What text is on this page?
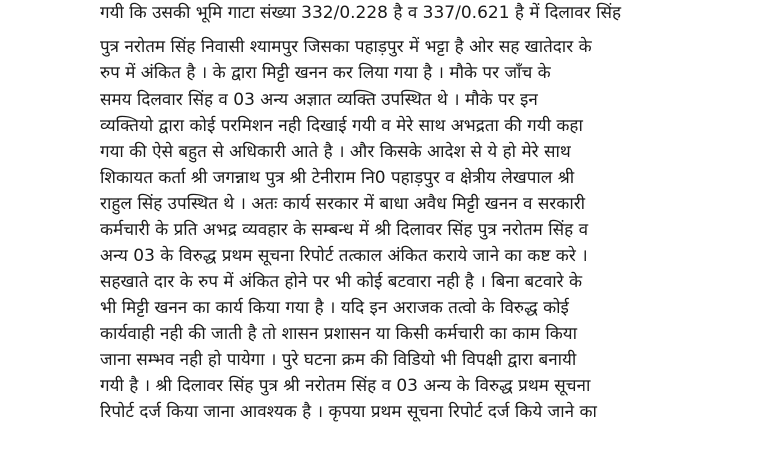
गयी कि उसकी भूमि गाटा संख्या 332/0.228 है व 337/0.621 है में दिलावर सिंह
पुत्र नरोतम सिंह निवासी श्यामपुर जिसका पहाड़पुर में भट्टा है ओर सह खातेदार के
रुप में अंकित है । के द्वारा मिट्टी खनन कर लिया गया है । मौके पर जाँच के
समय दिलवार सिंह व 03 अन्य अज्ञात व्यक्ति उपस्थित थे । मौके पर इन
व्यक्तियो द्वारा कोई परमिशन नही दिखाई गयी व मेरे साथ अभद्रता की गयी कहा
गया की ऐसे बहुत से अधिकारी आते है । और किसके आदेश से ये हो मेरे साथ
शिकायत कर्ता श्री जगन्नाथ पुत्र श्री टेनीराम नि0 पहाड़पुर व क्षेत्रीय लेखपाल श्री
राहुल सिंह उपस्थित थे । अतः कार्य सरकार में बाधा अवैध मिट्टी खनन व सरकारी
कर्मचारी के प्रति अभद्र व्यवहार के सम्बन्ध में श्री दिलावर सिंह पुत्र नरोतम सिंह व
अन्य 03 के विरुद्ध प्रथम सूचना रिपोर्ट तत्काल अंकित कराये जाने का कष्ट करे ।
सहखाते दार के रुप में अंकित होने पर भी कोई बटवारा नही है । बिना बटवारे के
भी मिट्टी खनन का कार्य किया गया है । यदि इन अराजक तत्वो के विरुद्ध कोई
कार्यवाही नही की जाती है तो शासन प्रशासन या किसी कर्मचारी का काम किया
जाना सम्भव नही हो पायेगा । पुरे घटना क्रम की विडियो भी विपक्षी द्वारा बनायी
गयी है । श्री दिलावर सिंह पुत्र श्री नरोतम सिंह व 03 अन्य के विरुद्ध प्रथम सूचना
रिपोर्ट दर्ज किया जाना आवश्यक है । कृपया प्रथम सूचना रिपोर्ट दर्ज किये जाने का
